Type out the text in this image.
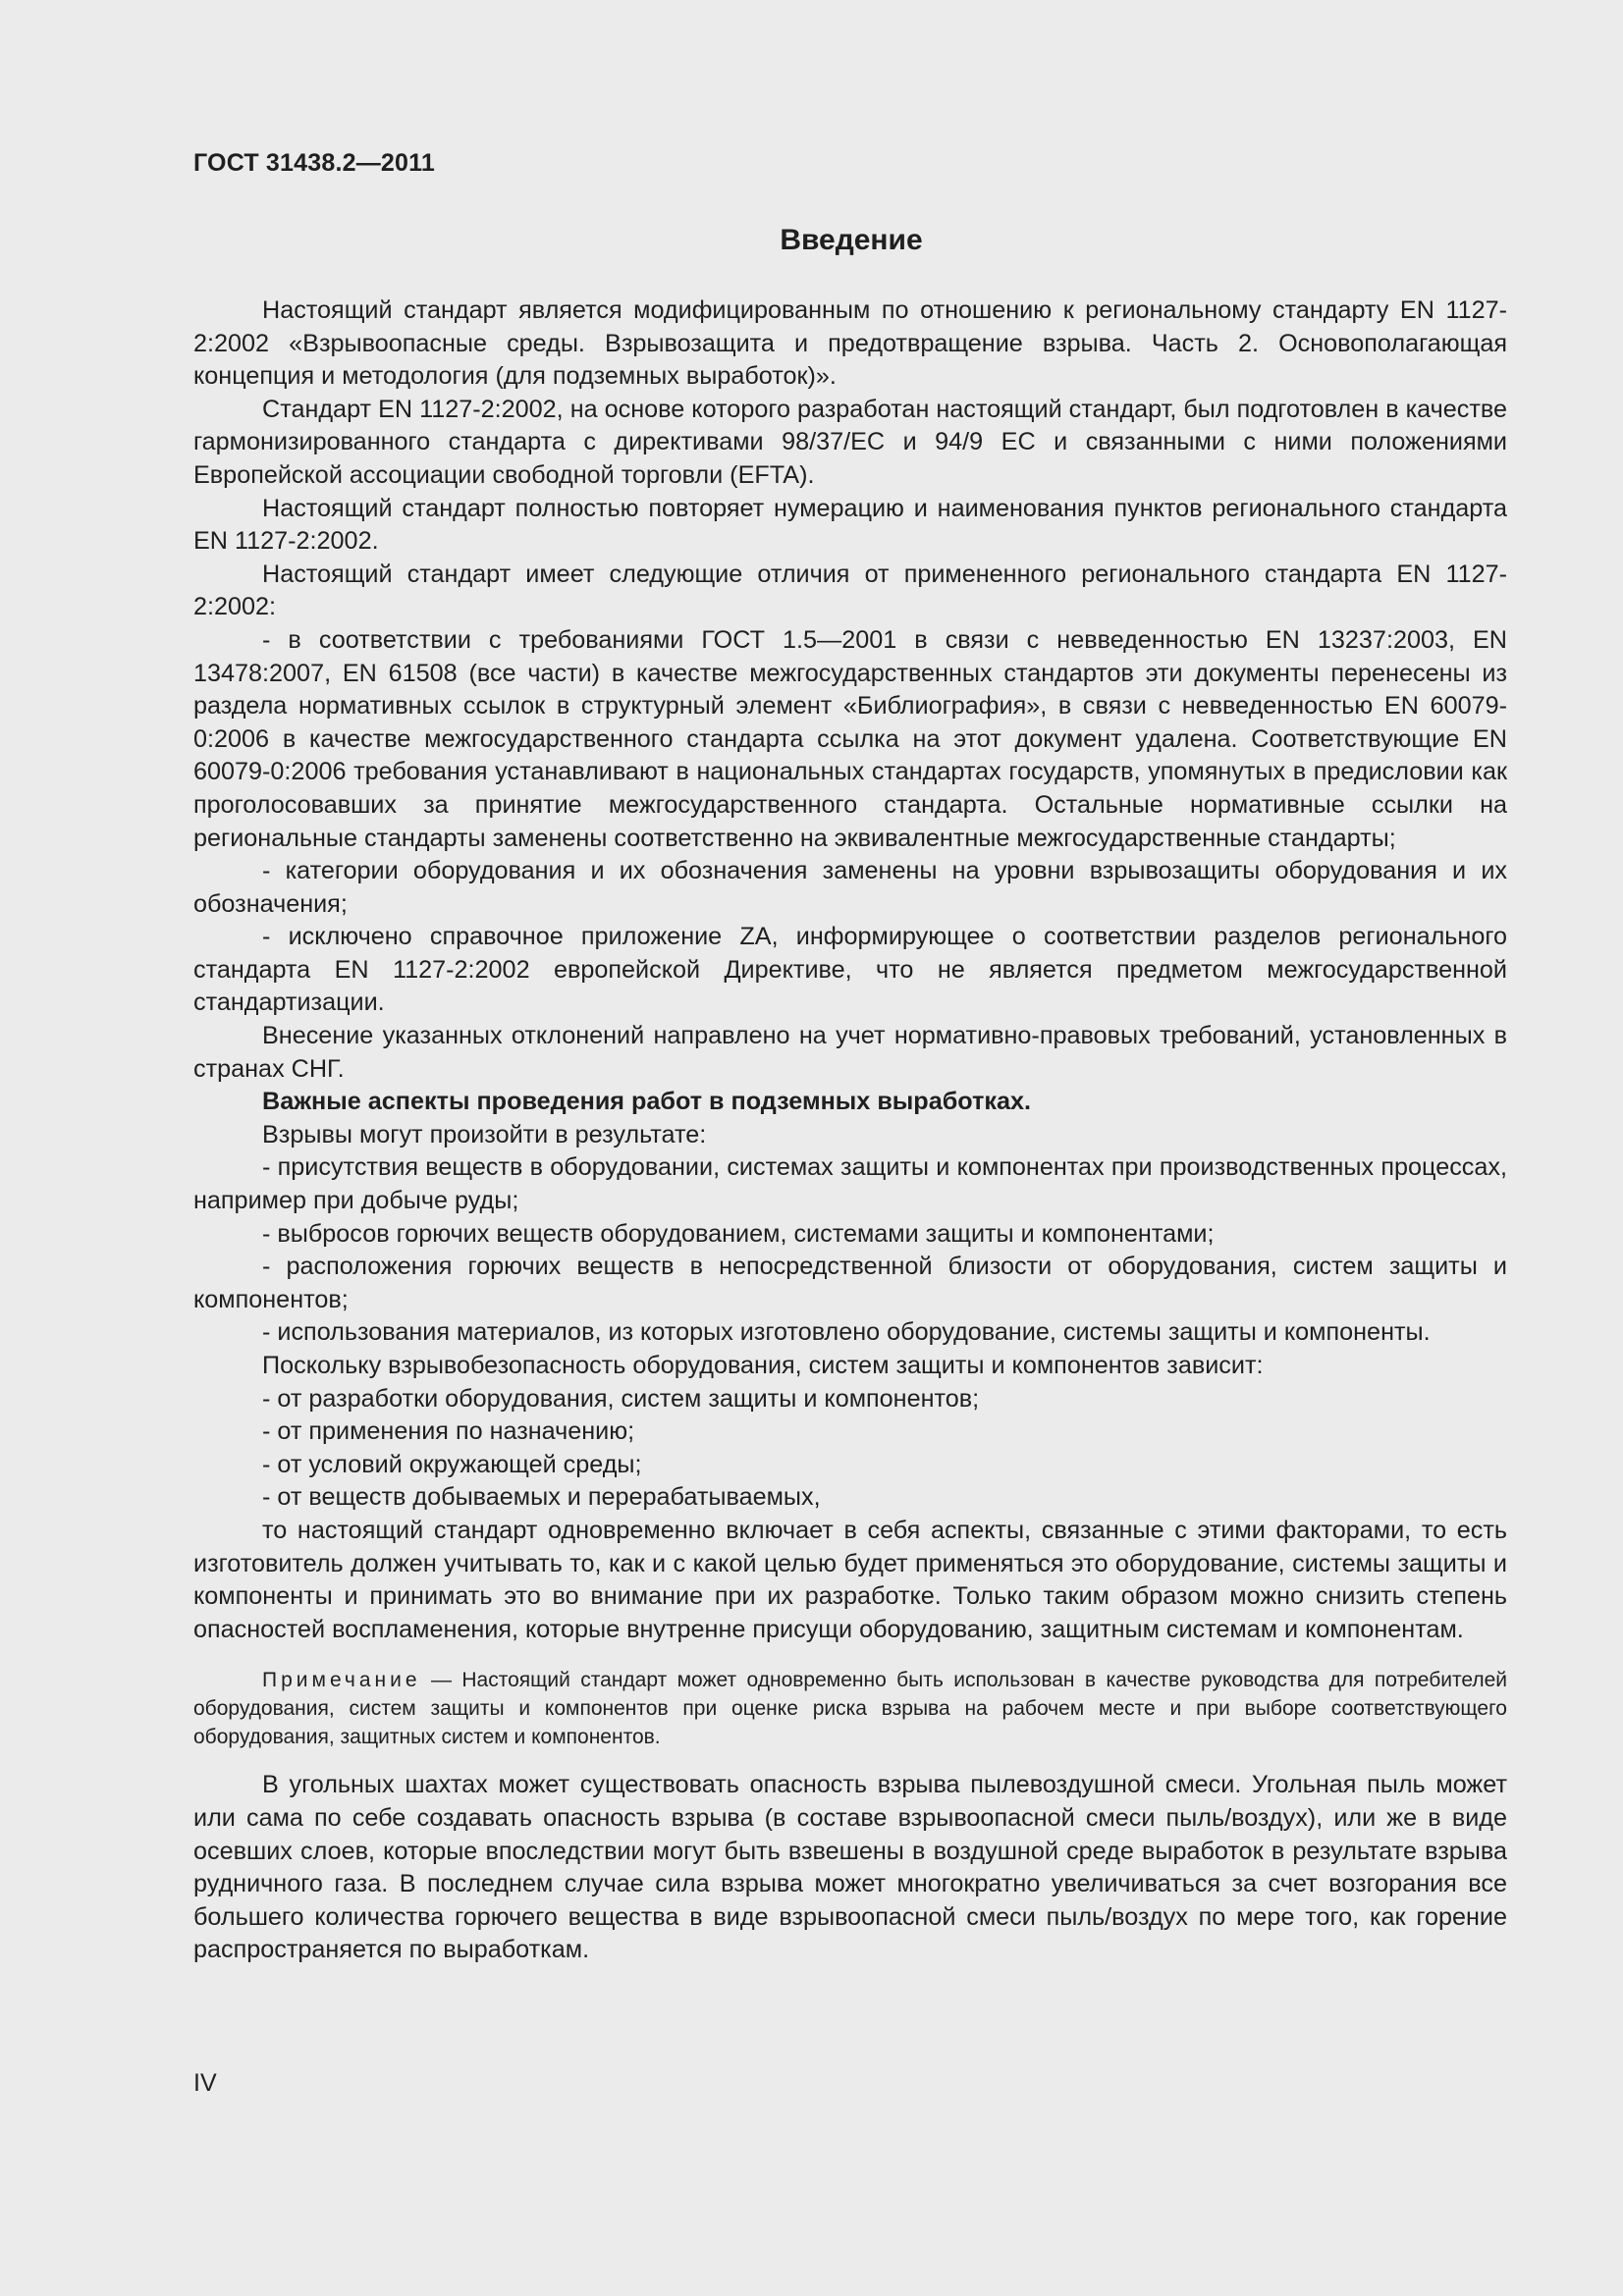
ГОСТ 31438.2—2011
Введение

Настоящий стандарт является модифицированным по отношению к региональному стандарту EN 1127-2:2002 «Взрывоопасные среды. Взрывозащита и предотвращение взрыва. Часть 2. Основополагающая концепция и методология (для подземных выработок)».

Стандарт EN 1127-2:2002, на основе которого разработан настоящий стандарт, был подготовлен в качестве гармонизированного стандарта с директивами 98/37/ЕС и 94/9 ЕС и связанными с ними положениями Европейской ассоциации свободной торговли (EFTA).

Настоящий стандарт полностью повторяет нумерацию и наименования пунктов регионального стандарта EN 1127-2:2002.

Настоящий стандарт имеет следующие отличия от примененного регионального стандарта EN 1127-2:2002:

- в соответствии с требованиями ГОСТ 1.5—2001 в связи с невведенностью EN 13237:2003, EN 13478:2007, EN 61508 (все части) в качестве межгосударственных стандартов эти документы перенесены из раздела нормативных ссылок в структурный элемент «Библиография», в связи с невведенностью EN 60079-0:2006 в качестве межгосударственного стандарта ссылка на этот документ удалена. Соответствующие EN 60079-0:2006 требования устанавливают в национальных стандартах государств, упомянутых в предисловии как проголосовавших за принятие межгосударственного стандарта. Остальные нормативные ссылки на региональные стандарты заменены соответственно на эквивалентные межгосударственные стандарты;

- категории оборудования и их обозначения заменены на уровни взрывозащиты оборудования и их обозначения;

- исключено справочное приложение ZA, информирующее о соответствии разделов регионального стандарта EN 1127-2:2002 европейской Директиве, что не является предметом межгосударственной стандартизации.

Внесение указанных отклонений направлено на учет нормативно-правовых требований, установленных в странах СНГ.

Важные аспекты проведения работ в подземных выработках.

Взрывы могут произойти в результате:

- присутствия веществ в оборудовании, системах защиты и компонентах при производственных процессах, например при добыче руды;

- выбросов горючих веществ оборудованием, системами защиты и компонентами;

- расположения горючих веществ в непосредственной близости от оборудования, систем защиты и компонентов;

- использования материалов, из которых изготовлено оборудование, системы защиты и компоненты.

Поскольку взрывобезопасность оборудования, систем защиты и компонентов зависит:

- от разработки оборудования, систем защиты и компонентов;

- от применения по назначению;

- от условий окружающей среды;

- от веществ добываемых и перерабатываемых,

то настоящий стандарт одновременно включает в себя аспекты, связанные с этими факторами, то есть изготовитель должен учитывать то, как и с какой целью будет применяться это оборудование, системы защиты и компоненты и принимать это во внимание при их разработке. Только таким образом можно снизить степень опасностей воспламенения, которые внутренне присущи оборудованию, защитным системам и компонентам.

Примечание — Настоящий стандарт может одновременно быть использован в качестве руководства для потребителей оборудования, систем защиты и компонентов при оценке риска взрыва на рабочем месте и при выборе соответствующего оборудования, защитных систем и компонентов.

В угольных шахтах может существовать опасность взрыва пылевоздушной смеси. Угольная пыль может или сама по себе создавать опасность взрыва (в составе взрывоопасной смеси пыль/воздух), или же в виде осевших слоев, которые впоследствии могут быть взвешены в воздушной среде выработок в результате взрыва рудничного газа. В последнем случае сила взрыва может многократно увеличиваться за счет возгорания все большего количества горючего вещества в виде взрывоопасной смеси пыль/воздух по мере того, как горение распространяется по выработкам.

IV
